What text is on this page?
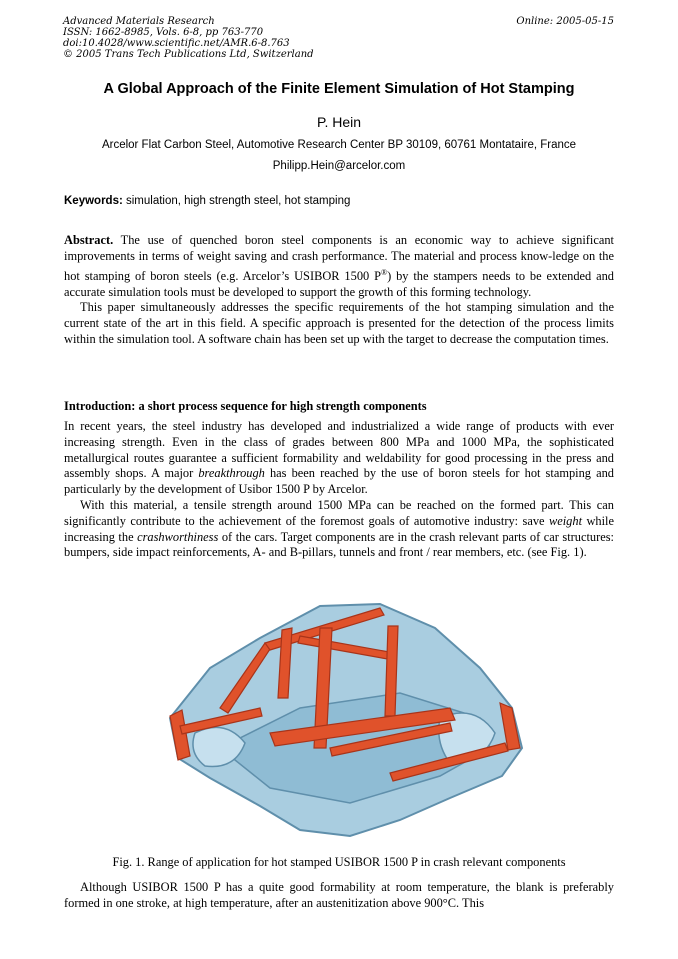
Advanced Materials Research
ISSN: 1662-8985, Vols. 6-8, pp 763-770
doi:10.4028/www.scientific.net/AMR.6-8.763
© 2005 Trans Tech Publications Ltd, Switzerland
Online: 2005-05-15
A Global Approach of the Finite Element Simulation of Hot Stamping
P. Hein
Arcelor Flat Carbon Steel, Automotive Research Center BP 30109, 60761 Montataire, France
Philipp.Hein@arcelor.com
Keywords: simulation, high strength steel, hot stamping

Abstract. The use of quenched boron steel components is an economic way to achieve significant improvements in terms of weight saving and crash performance. The material and process know-ledge on the hot stamping of boron steels (e.g. Arcelor’s USIBOR 1500 P®) by the stampers needs to be extended and accurate simulation tools must be developed to support the growth of this forming technology.

This paper simultaneously addresses the specific requirements of the hot stamping simulation and the current state of the art in this field. A specific approach is presented for the detection of the process limits within the simulation tool. A software chain has been set up with the target to decrease the computation times.

Introduction: a short process sequence for high strength components

In recent years, the steel industry has developed and industrialized a wide range of products with ever increasing strength. Even in the class of grades between 800 MPa and 1000 MPa, the sophisticated metallurgical routes guarantee a sufficient formability and weldability for good processing in the press and assembly shops. A major breakthrough has been reached by the use of boron steels for hot stamping and particularly by the development of Usibor 1500 P by Arcelor.

With this material, a tensile strength around 1500 MPa can be reached on the formed part. This can significantly contribute to the achievement of the foremost goals of automotive industry: save weight while increasing the crashworthiness of the cars. Target components are in the crash relevant parts of car structures: bumpers, side impact reinforcements, A- and B-pillars, tunnels and front / rear members, etc. (see Fig. 1).

Fig. 1. Range of application for hot stamped USIBOR 1500 P in crash relevant components

Although USIBOR 1500 P has a quite good formability at room temperature, the blank is preferably formed in one stroke, at high temperature, after an austenitization above 900°C. This
